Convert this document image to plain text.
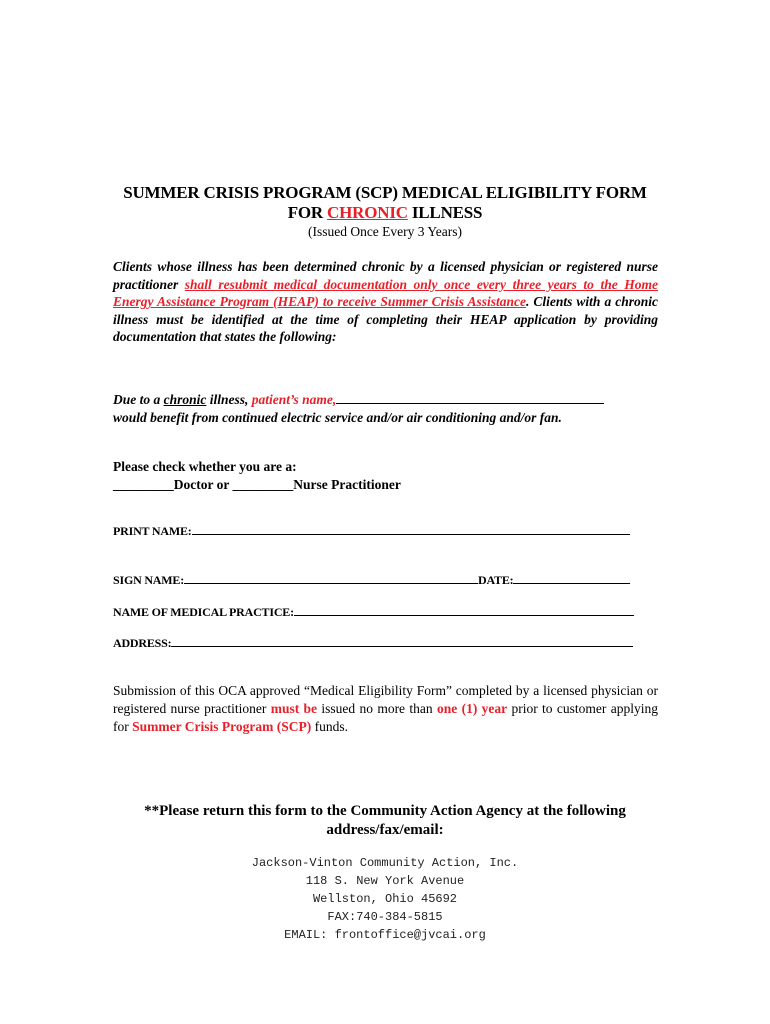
SUMMER CRISIS PROGRAM (SCP) MEDICAL ELIGIBILITY FORM
FOR CHRONIC ILLNESS
(Issued Once Every 3 Years)
Clients whose illness has been determined chronic by a licensed physician or registered nurse practitioner shall resubmit medical documentation only once every three years to the Home Energy Assistance Program (HEAP) to receive Summer Crisis Assistance. Clients with a chronic illness must be identified at the time of completing their HEAP application by providing documentation that states the following:
Due to a chronic illness, patient’s name,
would benefit from continued electric service and/or air conditioning and/or fan.
Please check whether you are a:
_________Doctor or _________Nurse Practitioner
PRINT NAME:
SIGN NAME:	DATE:
NAME OF MEDICAL PRACTICE:
ADDRESS:
Submission of this OCA approved “Medical Eligibility Form” completed by a licensed physician or registered nurse practitioner must be issued no more than one (1) year prior to customer applying for Summer Crisis Program (SCP) funds.
**Please return this form to the Community Action Agency at the following
address/fax/email:
Jackson-Vinton Community Action, Inc.
118 S. New York Avenue
Wellston, Ohio 45692
FAX:740-384-5815
EMAIL: frontoffice@jvcai.org
